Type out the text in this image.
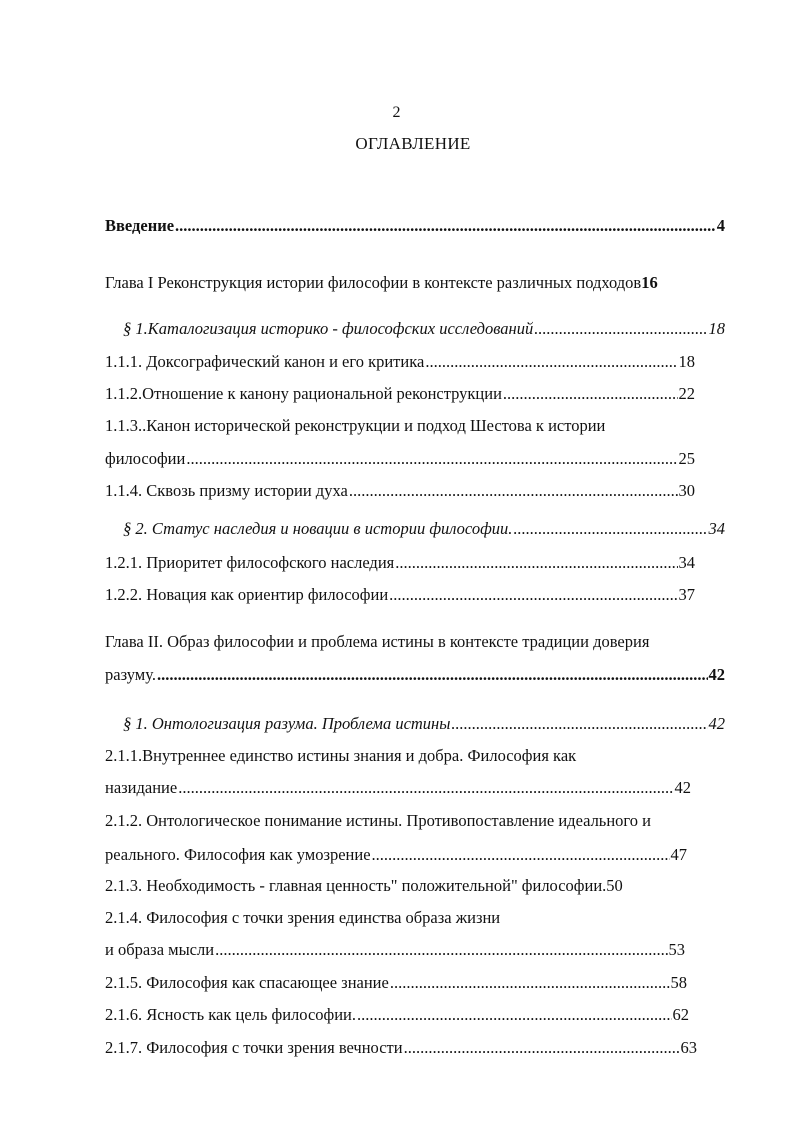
2
ОГЛАВЛЕНИЕ
Введение .....	4
Глава I Реконструкция истории философии в контексте различных подходов 16
§ 1.Каталогизация историко - философских исследований .....	18
1.1.1. Доксографический канон и его критика .....	18
1.1.2.Отношение к канону рациональной реконструкции .....	22
1.1.3..Канон исторической реконструкции и подход Шестова к истории
философии .....	25
1.1.4. Сквозь призму истории духа .....	30
§ 2. Статус наследия и новации в истории философии. .....	34
1.2.1. Приоритет философского наследия .....	34
1.2.2. Новация как ориентир философии .....	37
Глава II. Образ философии и проблема истины в контексте традиции доверия
разуму. .....	42
§ 1. Онтологизация разума. Проблема истины .....	42
2.1.1.Внутреннее единство истины знания и добра. Философия как
назидание .....	42
2.1.2. Онтологическое понимание истины. Противопоставление идеального и
реального. Философия как умозрение .....	47
2.1.3. Необходимость - главная ценность" положительной" философии.50
2.1.4. Философия с точки зрения единства образа жизни
и образа мысли .....	53
2.1.5. Философия как спасающее знание .....	58
2.1.6. Ясность как цель философии. .....	62
2.1.7. Философия с точки зрения вечности .....	63
